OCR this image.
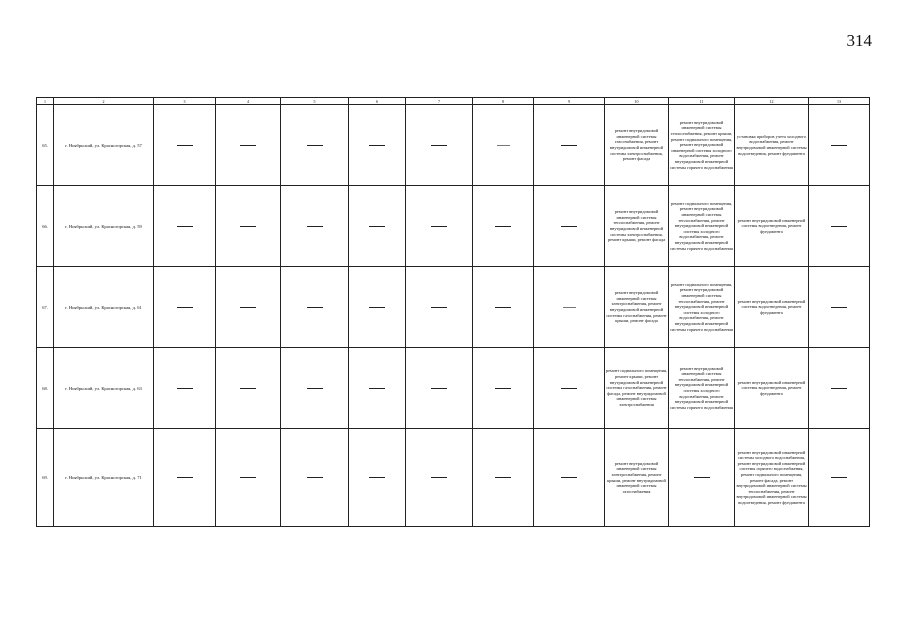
314
1	2	3	4	5	6	7	8	9	10	11	12	13
65.	г. Ноябрьский, ул. Красногорская, д. 57								ремонт внутридомовой инженерной системы газоснабжения, ремонт внутридомовой инженерной системы электроснабжения, ремонт фасада	ремонт внутридомовой инженерной системы теплоснабжения, ремонт крыши, ремонт подвального помещения, ремонт внутридомовой инженерной системы холодного водоснабжения, ремонт внутридомовой инженерной системы горячего водоснабжения	установка приборов учета холодного водоснабжения, ремонт внутридомовой инженерной системы водоотведения, ремонт фундамента	
66.	г. Ноябрьский, ул. Красногорская, д. 59								ремонт внутридомовой инженерной системы теплоснабжения, ремонт внутридомовой инженерной системы электроснабжения, ремонт крыши, ремонт фасада	ремонт подвального помещения, ремонт внутридомовой инженерной системы теплоснабжения, ремонт внутридомовой инженерной системы холодного водоснабжения, ремонт внутридомовой инженерной системы горячего водоснабжения	ремонт внутридомовой инженерной системы водоотведения, ремонт фундамента	
67.	г. Ноябрьский, ул. Красногорская, д. 61								ремонт внутридомовой инженерной системы электроснабжения, ремонт внутридомовой инженерной системы газоснабжения, ремонт крыши, ремонт фасада	ремонт подвального помещения, ремонт внутридомовой инженерной системы теплоснабжения, ремонт внутридомовой инженерной системы холодного водоснабжения, ремонт внутридомовой инженерной системы горячего водоснабжения	ремонт внутридомовой инженерной системы водоотведения, ремонт фундамента	
68.	г. Ноябрьский, ул. Красногорская, д. 63								ремонт подвального помещения, ремонт крыши, ремонт внутридомовой инженерной системы газоснабжения, ремонт фасада, ремонт внутридомовой инженерной системы электроснабжения	ремонт внутридомовой инженерной системы теплоснабжения, ремонт внутридомовой инженерной системы холодного водоснабжения, ремонт внутридомовой инженерной системы горячего водоснабжения	ремонт внутридомовой инженерной системы водоотведения, ремонт фундамента	
69.	г. Ноябрьский, ул. Красногорская, д. 71								ремонт внутридомовой инженерной системы электроснабжения, ремонт крыши, ремонт внутридомовой инженерной системы газоснабжения		ремонт внутридомовой инженерной системы холодного водоснабжения, ремонт внутридомовой инженерной системы горячего водоснабжения, ремонт подвального помещения, ремонт фасада, ремонт внутридомовой инженерной системы теплоснабжения, ремонт внутридомовой инженерной системы водоотведения, ремонт фундамента	
